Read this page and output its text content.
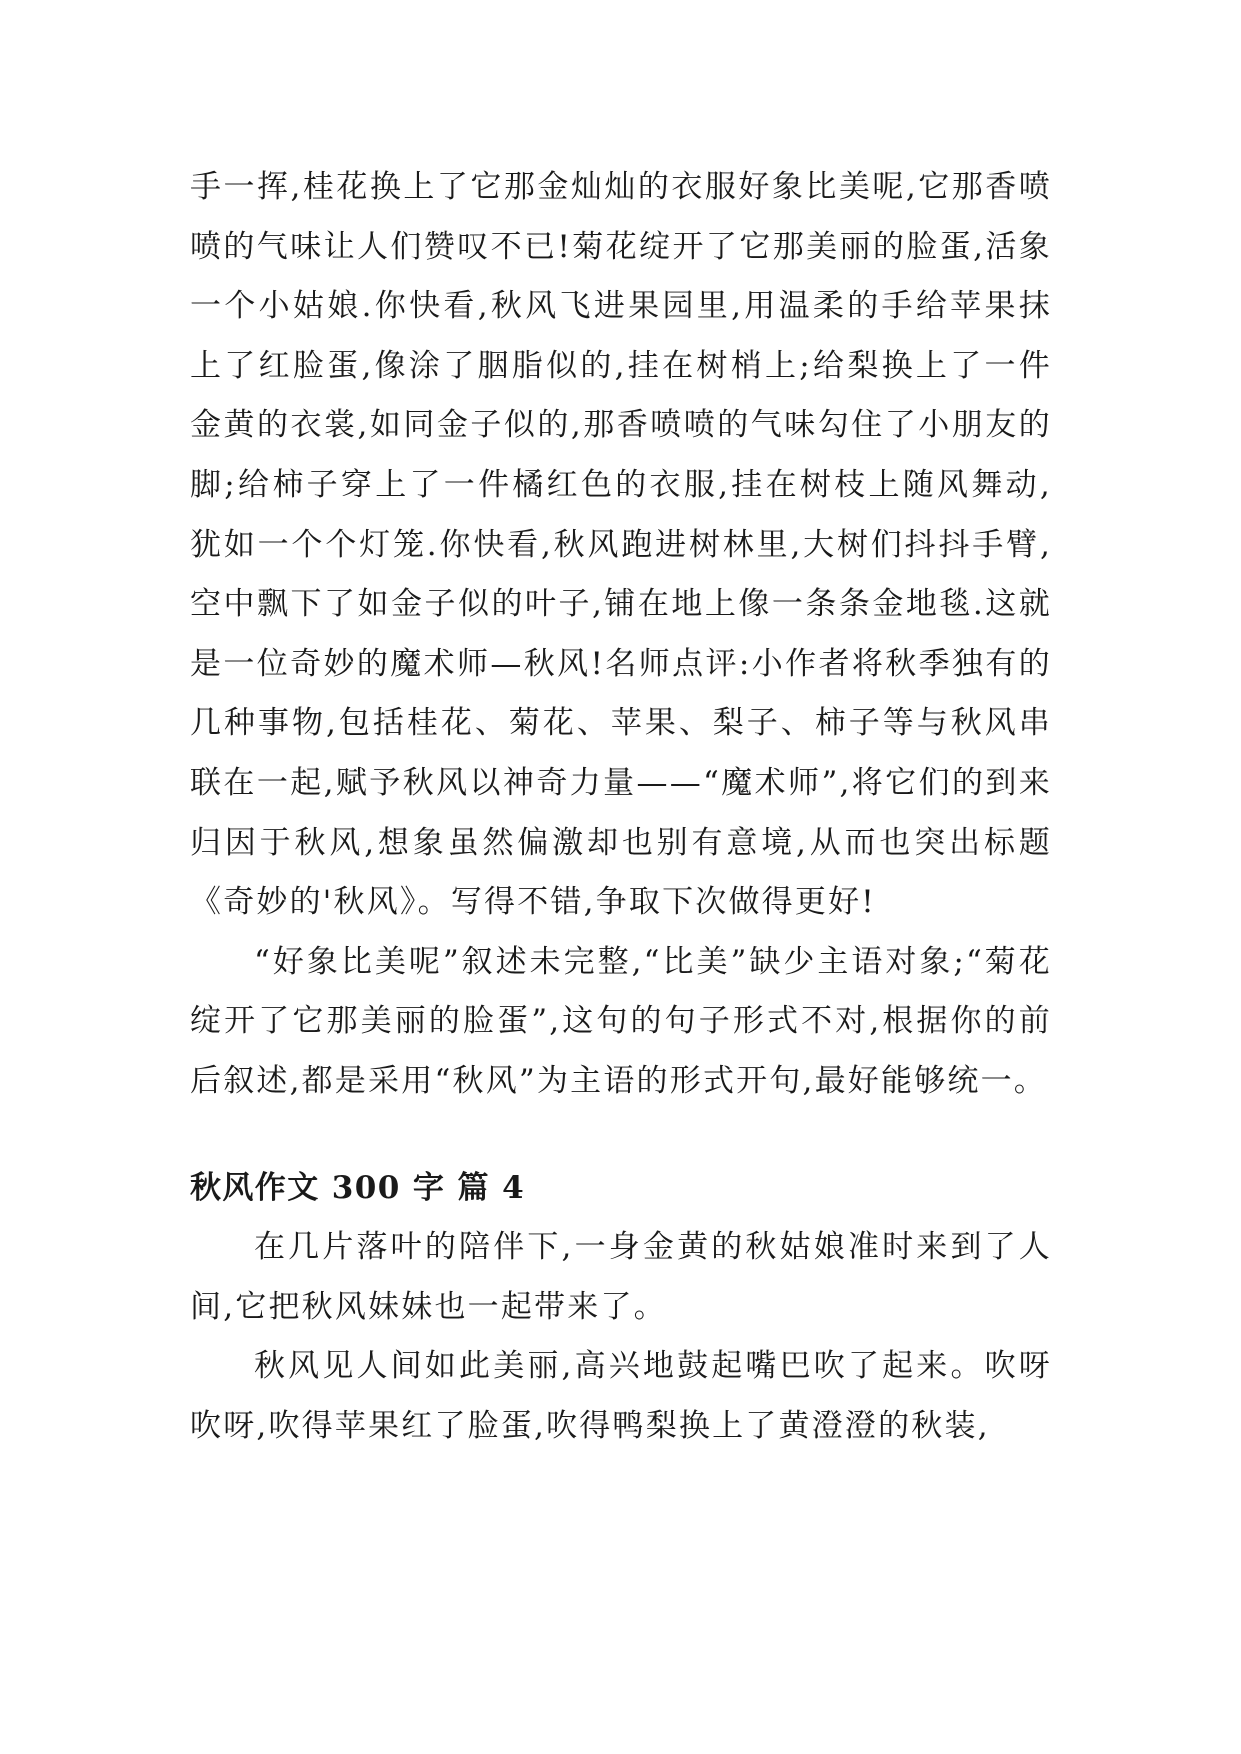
手一挥,桂花换上了它那金灿灿的衣服好象比美呢,它那香喷喷的气味让人们赞叹不已!菊花绽开了它那美丽的脸蛋,活象一个小姑娘.你快看,秋风飞进果园里,用温柔的手给苹果抹上了红脸蛋,像涂了胭脂似的,挂在树梢上;给梨换上了一件金黄的衣裳,如同金子似的,那香喷喷的气味勾住了小朋友的脚;给柿子穿上了一件橘红色的衣服,挂在树枝上随风舞动,犹如一个个灯笼.你快看,秋风跑进树林里,大树们抖抖手臂,空中飘下了如金子似的叶子,铺在地上像一条条金地毯.这就是一位奇妙的魔术师—秋风!名师点评:小作者将秋季独有的几种事物,包括桂花、菊花、苹果、梨子、柿子等与秋风串联在一起,赋予秋风以神奇力量——“魔术师”,将它们的到来归因于秋风,想象虽然偏激却也别有意境,从而也突出标题《奇妙的'秋风》。写得不错,争取下次做得更好!

“好象比美呢”叙述未完整,“比美”缺少主语对象;“菊花绽开了它那美丽的脸蛋”,这句的句子形式不对,根据你的前后叙述,都是采用“秋风”为主语的形式开句,最好能够统一。

秋风作文 300 字 篇 4

在几片落叶的陪伴下,一身金黄的秋姑娘准时来到了人间,它把秋风妹妹也一起带来了。

秋风见人间如此美丽,高兴地鼓起嘴巴吹了起来。吹呀吹呀,吹得苹果红了脸蛋,吹得鸭梨换上了黄澄澄的秋装,
